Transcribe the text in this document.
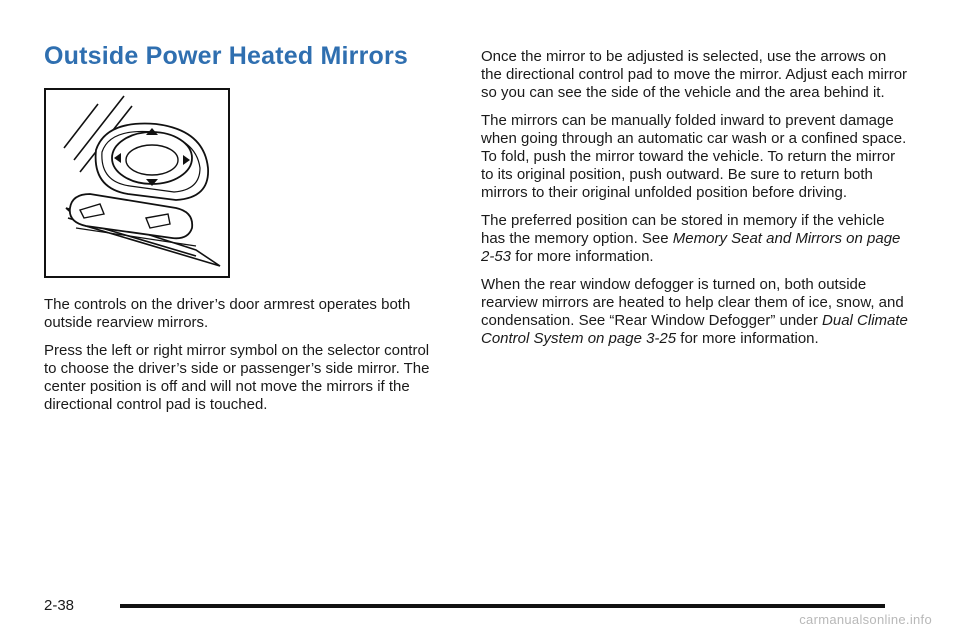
Outside Power Heated Mirrors

The controls on the driver’s door armrest operates both outside rearview mirrors.

Press the left or right mirror symbol on the selector control to choose the driver’s side or passenger’s side mirror. The center position is off and will not move the mirrors if the directional control pad is touched.

Once the mirror to be adjusted is selected, use the arrows on the directional control pad to move the mirror. Adjust each mirror so you can see the side of the vehicle and the area behind it.

The mirrors can be manually folded inward to prevent damage when going through an automatic car wash or a confined space. To fold, push the mirror toward the vehicle. To return the mirror to its original position, push outward. Be sure to return both mirrors to their original unfolded position before driving.

The preferred position can be stored in memory if the vehicle has the memory option. See Memory Seat and Mirrors on page 2-53 for more information.

When the rear window defogger is turned on, both outside rearview mirrors are heated to help clear them of ice, snow, and condensation. See “Rear Window Defogger” under Dual Climate Control System on page 3-25 for more information.

2-38
carmanualsonline.info
